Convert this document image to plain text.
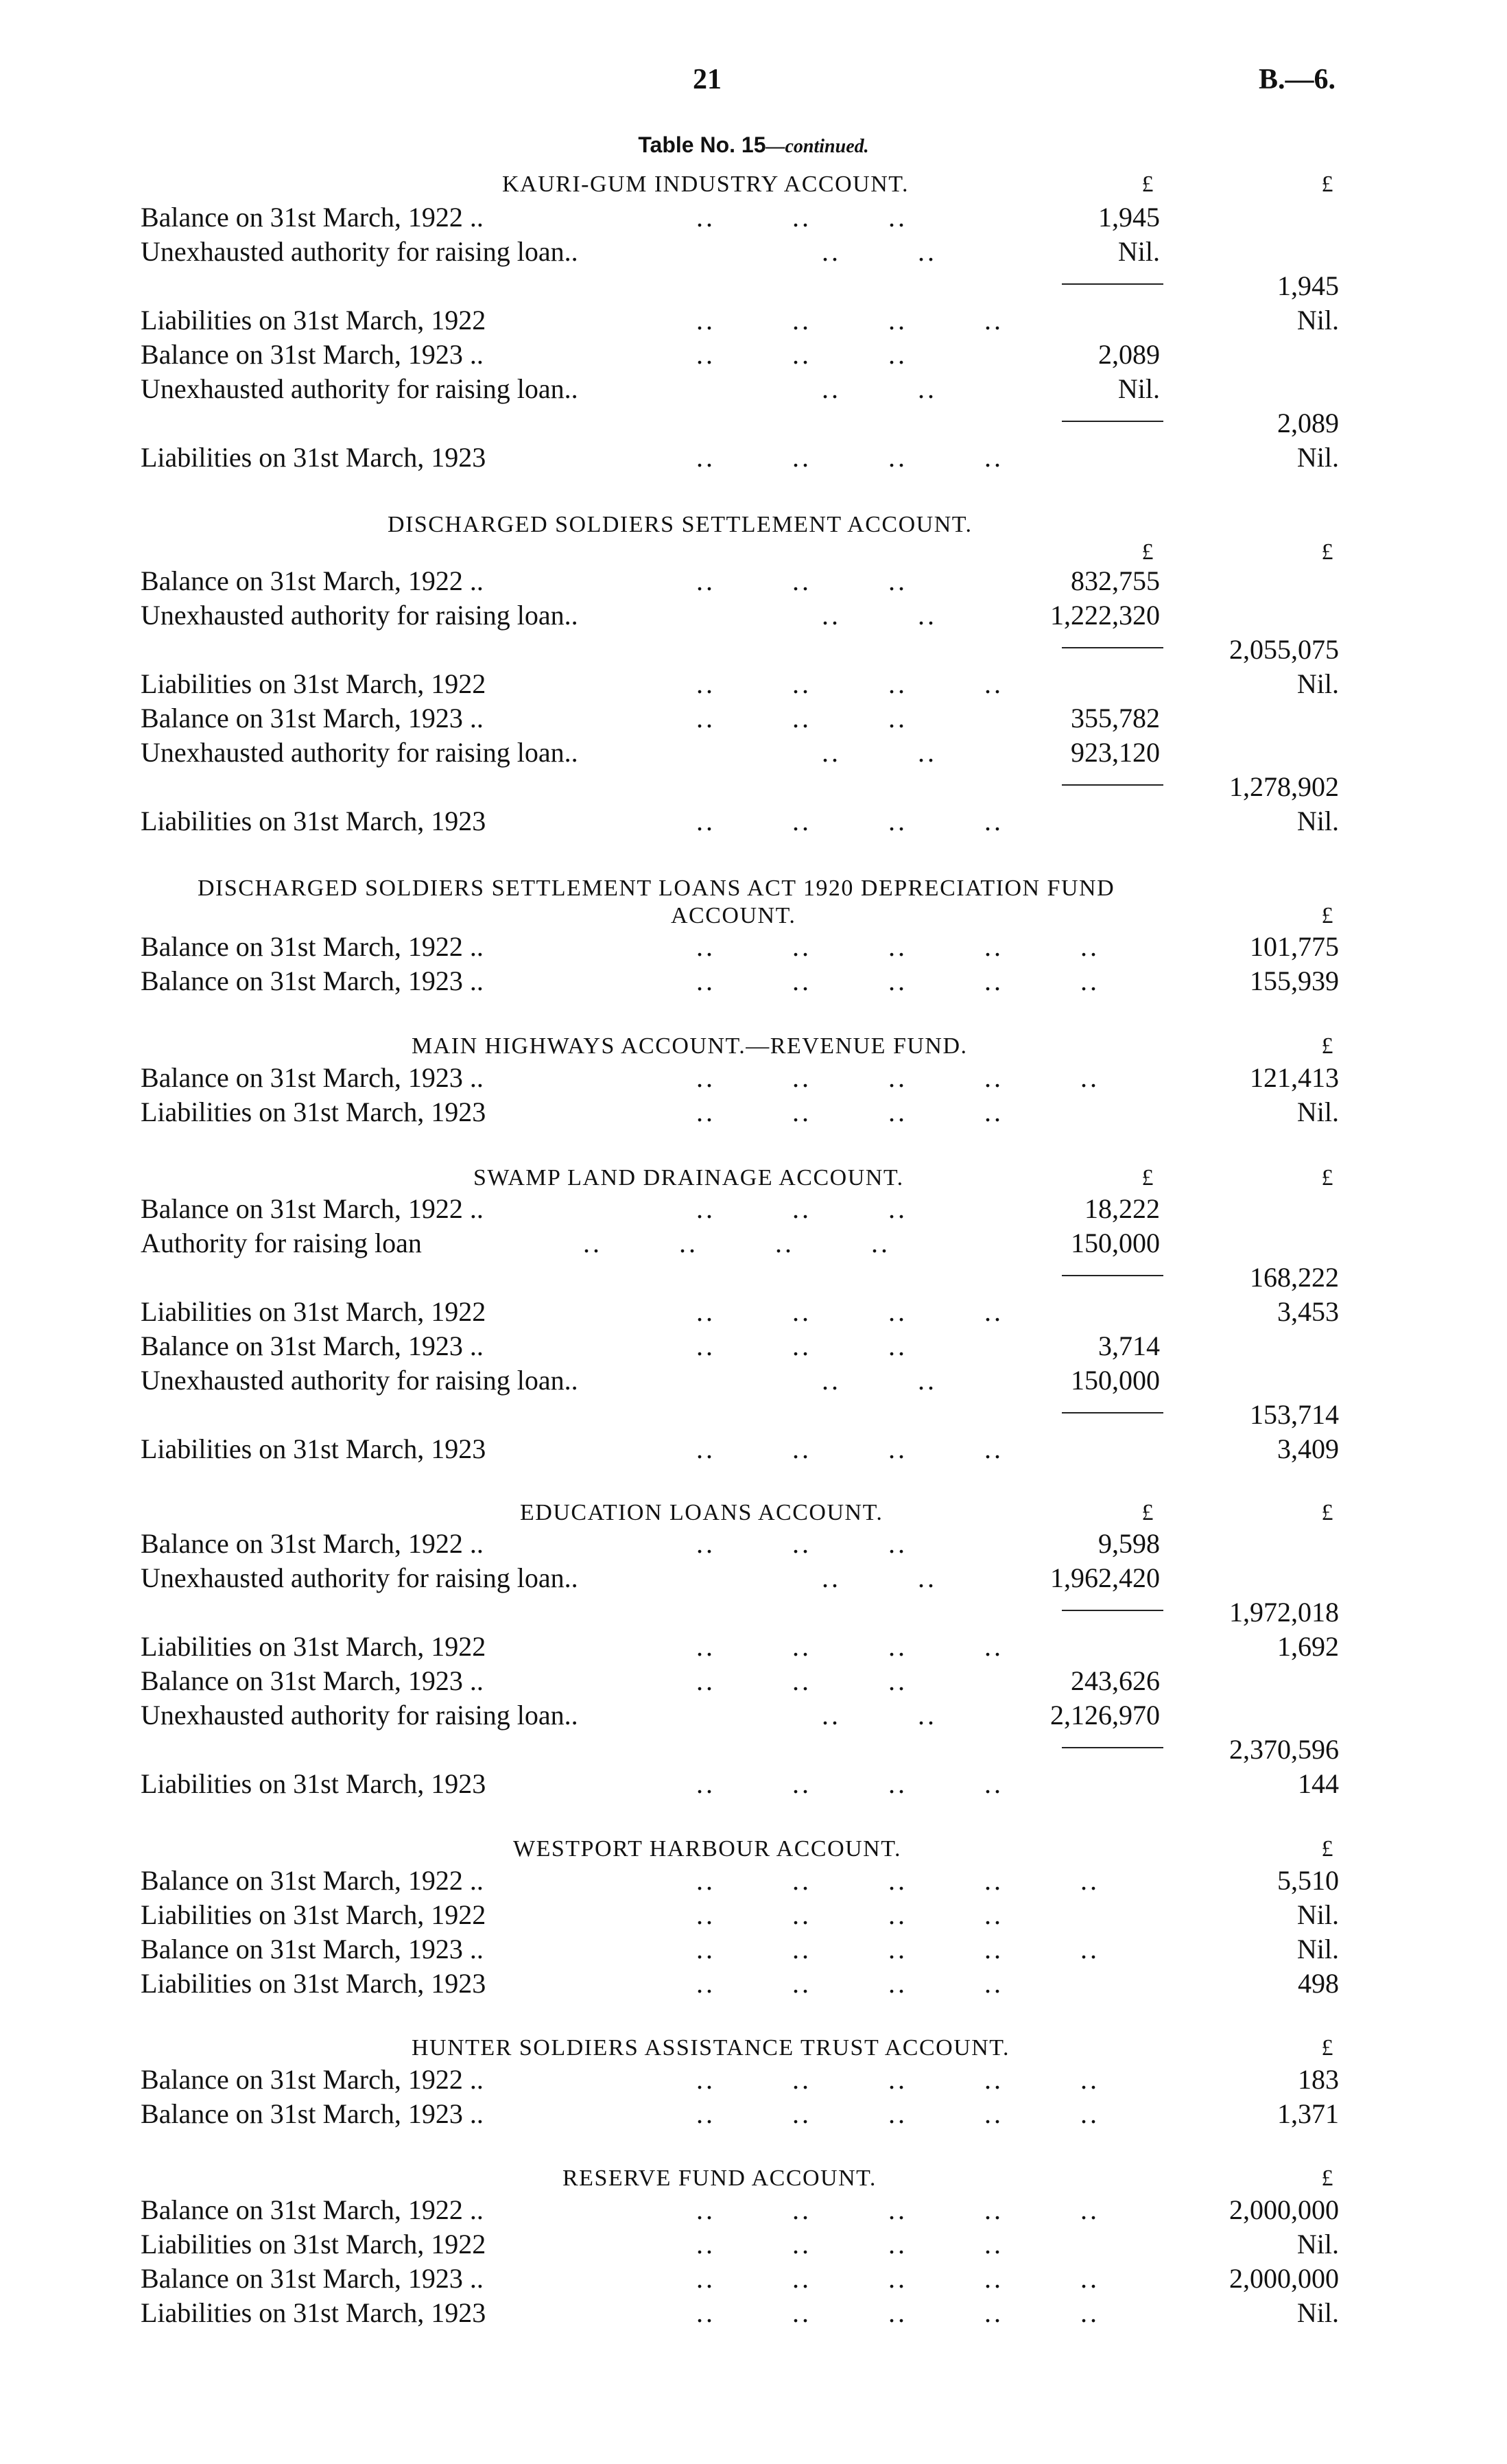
21	B.—6.
Table No. 15—continued.
KAURI-GUM INDUSTRY ACCOUNT.	£	£
Balance on 31st March, 1922 ..	..        ..        ..	1,945
Unexhausted authority for raising loan..	..        ..	Nil.
1,945
Liabilities on 31st March, 1922	..        ..        ..        ..	Nil.
Balance on 31st March, 1923 ..	..        ..        ..	2,089
Unexhausted authority for raising loan..	..        ..	Nil.
2,089
Liabilities on 31st March, 1923	..        ..        ..        ..	Nil.
DISCHARGED SOLDIERS SETTLEMENT ACCOUNT.
£	£
Balance on 31st March, 1922 ..	..        ..        ..	832,755
Unexhausted authority for raising loan..	..        ..	1,222,320
2,055,075
Liabilities on 31st March, 1922	..        ..        ..        ..	Nil.
Balance on 31st March, 1923 ..	..        ..        ..	355,782
Unexhausted authority for raising loan..	..        ..	923,120
1,278,902
Liabilities on 31st March, 1923	..        ..        ..        ..	Nil.
DISCHARGED SOLDIERS SETTLEMENT LOANS ACT 1920 DEPRECIATION FUND
ACCOUNT.	£
Balance on 31st March, 1922 ..	..        ..        ..        ..        ..	101,775
Balance on 31st March, 1923 ..	..        ..        ..        ..        ..	155,939
MAIN HIGHWAYS ACCOUNT.—REVENUE FUND.	£
Balance on 31st March, 1923 ..	..        ..        ..        ..        ..	121,413
Liabilities on 31st March, 1923	..        ..        ..        ..	Nil.
SWAMP LAND DRAINAGE ACCOUNT.	£	£
Balance on 31st March, 1922 ..	..        ..        ..	18,222
Authority for raising loan	..        ..        ..        ..	150,000
168,222
Liabilities on 31st March, 1922	..        ..        ..        ..	3,453
Balance on 31st March, 1923 ..	..        ..        ..	3,714
Unexhausted authority for raising loan..	..        ..	150,000
153,714
Liabilities on 31st March, 1923	..        ..        ..        ..	3,409
EDUCATION LOANS ACCOUNT.	£	£
Balance on 31st March, 1922 ..	..        ..        ..	9,598
Unexhausted authority for raising loan..	..        ..	1,962,420
1,972,018
Liabilities on 31st March, 1922	..        ..        ..        ..	1,692
Balance on 31st March, 1923 ..	..        ..        ..	243,626
Unexhausted authority for raising loan..	..        ..	2,126,970
2,370,596
Liabilities on 31st March, 1923	..        ..        ..        ..	144
WESTPORT HARBOUR ACCOUNT.	£
Balance on 31st March, 1922 ..	..        ..        ..        ..        ..	5,510
Liabilities on 31st March, 1922	..        ..        ..        ..	Nil.
Balance on 31st March, 1923 ..	..        ..        ..        ..        ..	Nil.
Liabilities on 31st March, 1923	..        ..        ..        ..	498
HUNTER SOLDIERS ASSISTANCE TRUST ACCOUNT.	£
Balance on 31st March, 1922 ..	..        ..        ..        ..        ..	183
Balance on 31st March, 1923 ..	..        ..        ..        ..        ..	1,371
RESERVE FUND ACCOUNT.	£
Balance on 31st March, 1922 ..	..        ..        ..        ..        ..	2,000,000
Liabilities on 31st March, 1922	..        ..        ..        ..	Nil.
Balance on 31st March, 1923 ..	..        ..        ..        ..        ..	2,000,000
Liabilities on 31st March, 1923	..        ..        ..        ..        ..	Nil.
